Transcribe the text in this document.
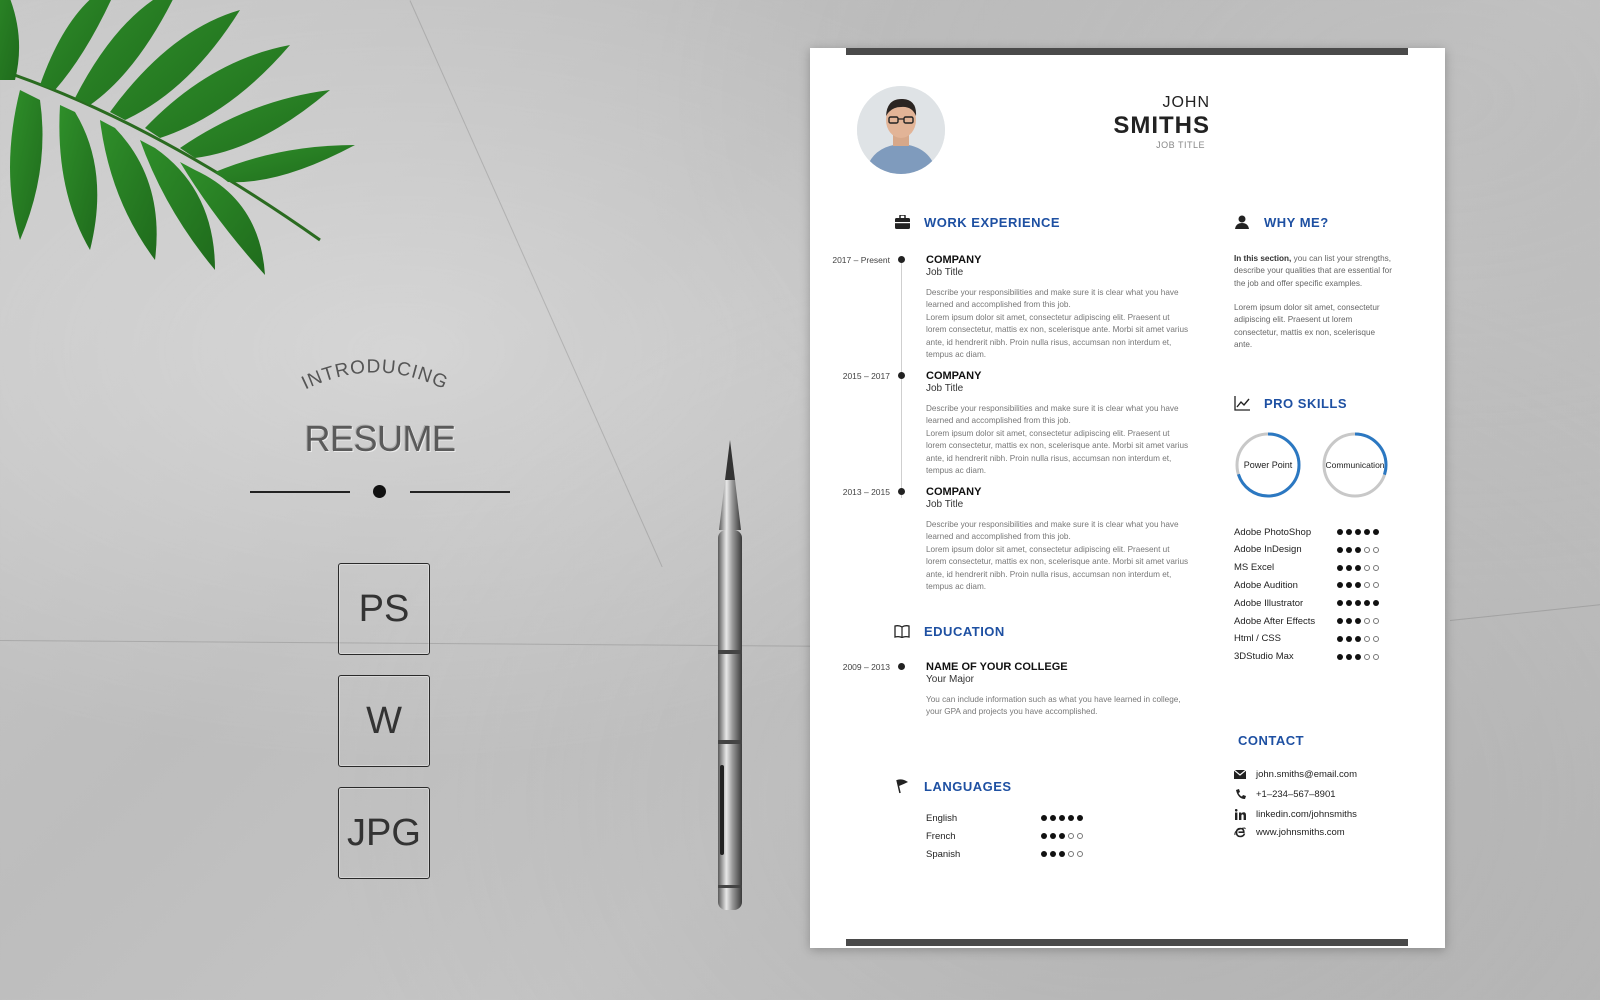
INTRODUCING
RESUME
PS
W
JPG
JOHN
SMITHS
JOB TITLE
WORK EXPERIENCE
2017 – Present	COMPANY
Job Title

Describe your responsibilities and make sure it is clear what you have learned and accomplished from this job.
Lorem ipsum dolor sit amet, consectetur adipiscing elit. Praesent ut lorem consectetur, mattis ex non, scelerisque ante. Morbi sit amet varius ante, id hendrerit nibh. Proin nulla risus, accumsan non interdum et, tempus ac diam.

2015 – 2017	COMPANY
Job Title

Describe your responsibilities and make sure it is clear what you have learned and accomplished from this job.
Lorem ipsum dolor sit amet, consectetur adipiscing elit. Praesent ut lorem consectetur, mattis ex non, scelerisque ante. Morbi sit amet varius ante, id hendrerit nibh. Proin nulla risus, accumsan non interdum et, tempus ac diam.

2013 – 2015	COMPANY
Job Title

Describe your responsibilities and make sure it is clear what you have learned and accomplished from this job.
Lorem ipsum dolor sit amet, consectetur adipiscing elit. Praesent ut lorem consectetur, mattis ex non, scelerisque ante. Morbi sit amet varius ante, id hendrerit nibh. Proin nulla risus, accumsan non interdum et, tempus ac diam.

EDUCATION
2009 – 2013	NAME OF YOUR COLLEGE
Your Major

You can include information such as what you have learned in college, your GPA and projects you have accomplished.

LANGUAGES
English
French
Spanish
WHY ME?

In this section, you can list your strengths, describe your qualities that are essential for the job and offer specific examples.

Lorem ipsum dolor sit amet, consectetur adipiscing elit. Praesent ut lorem consectetur, mattis ex non, scelerisque ante.

PRO SKILLS
Power Point	Communication
Adobe PhotoShop
Adobe InDesign
MS Excel
Adobe Audition
Adobe Illustrator
Adobe After Effects
Html / CSS
3DStudio Max
CONTACT
john.smiths@email.com
+1–234–567–8901
linkedin.com/johnsmiths
www.johnsmiths.com
